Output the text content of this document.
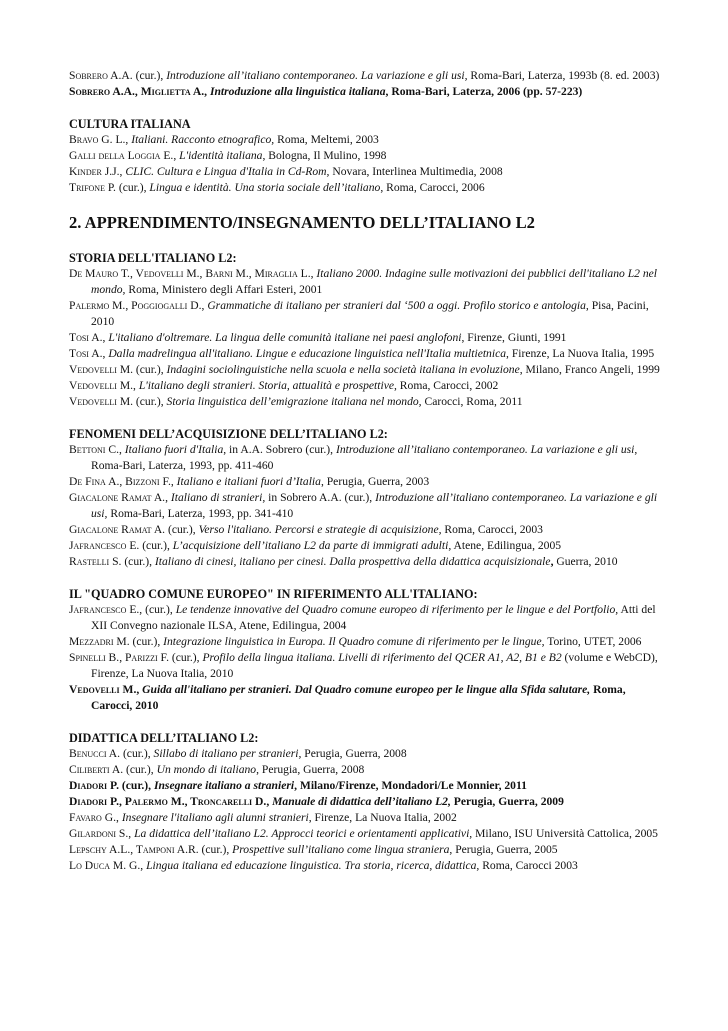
Sobrero A.A. (cur.), Introduzione all’italiano contemporaneo. La variazione e gli usi, Roma-Bari, Laterza, 1993b (8. ed. 2003)
Sobrero A.A., Miglietta A., Introduzione alla linguistica italiana, Roma-Bari, Laterza, 2006 (pp. 57-223)
CULTURA ITALIANA
Bravo G. L., Italiani. Racconto etnografico, Roma, Meltemi, 2003
Galli della Loggia E., L'identità italiana, Bologna, Il Mulino, 1998
Kinder J.J., CLIC. Cultura e Lingua d'Italia in Cd-Rom, Novara, Interlinea Multimedia, 2008
Trifone P. (cur.), Lingua e identità. Una storia sociale dell’italiano, Roma, Carocci, 2006
2. APPRENDIMENTO/INSEGNAMENTO DELL’ITALIANO L2
STORIA DELL'ITALIANO L2:
De Mauro T., Vedovelli M., Barni M., Miraglia L., Italiano 2000. Indagine sulle motivazioni dei pubblici dell'italiano L2 nel mondo, Roma, Ministero degli Affari Esteri, 2001
Palermo M., Poggiogalli D., Grammatiche di italiano per stranieri dal ‘500 a oggi. Profilo storico e antologia, Pisa, Pacini, 2010
Tosi A., L'italiano d'oltremare. La lingua delle comunità italiane nei paesi anglofoni, Firenze, Giunti, 1991
Tosi A., Dalla madrelingua all'italiano. Lingue e educazione linguistica nell'Italia multietnica, Firenze, La Nuova Italia, 1995
Vedovelli M. (cur.), Indagini sociolinguistiche nella scuola e nella società italiana in evoluzione, Milano, Franco Angeli, 1999
Vedovelli M., L'italiano degli stranieri. Storia, attualità e prospettive, Roma, Carocci, 2002
Vedovelli M. (cur.), Storia linguistica dell’emigrazione italiana nel mondo, Carocci, Roma, 2011
FENOMENI DELL’ACQUISIZIONE DELL’ITALIANO L2:
Bettoni C., Italiano fuori d'Italia, in A.A. Sobrero (cur.), Introduzione all’italiano contemporaneo. La variazione e gli usi, Roma-Bari, Laterza, 1993, pp. 411-460
De Fina A., Bizzoni F., Italiano e italiani fuori d’Italia, Perugia, Guerra, 2003
Giacalone Ramat A., Italiano di stranieri, in Sobrero A.A. (cur.), Introduzione all’italiano contemporaneo. La variazione e gli usi, Roma-Bari, Laterza, 1993, pp. 341-410
Giacalone Ramat A. (cur.), Verso l'italiano. Percorsi e strategie di acquisizione, Roma, Carocci, 2003
Jafrancesco E. (cur.), L’acquisizione dell’italiano L2 da parte di immigrati adulti, Atene, Edilingua, 2005
Rastelli S. (cur.), Italiano di cinesi, italiano per cinesi. Dalla prospettiva della didattica acquisizionale, Guerra, 2010
IL "QUADRO COMUNE EUROPEO" IN RIFERIMENTO ALL'ITALIANO:
Jafrancesco E., (cur.), Le tendenze innovative del Quadro comune europeo di riferimento per le lingue e del Portfolio, Atti del XII Convegno nazionale ILSA, Atene, Edilingua, 2004
Mezzadri M. (cur.), Integrazione linguistica in Europa. Il Quadro comune di riferimento per le lingue, Torino, UTET, 2006
Spinelli B., Parizzi F. (cur.), Profilo della lingua italiana. Livelli di riferimento del QCER A1, A2, B1 e B2 (volume e WebCD), Firenze, La Nuova Italia, 2010
Vedovelli M., Guida all'italiano per stranieri. Dal Quadro comune europeo per le lingue alla Sfida salutare, Roma, Carocci, 2010
DIDATTICA DELL’ITALIANO L2:
Benucci A. (cur.), Sillabo di italiano per stranieri, Perugia, Guerra, 2008
Ciliberti A. (cur.), Un mondo di italiano, Perugia, Guerra, 2008
Diadori P. (cur.), Insegnare italiano a stranieri, Milano/Firenze, Mondadori/Le Monnier, 2011
Diadori P., Palermo M., Troncarelli D., Manuale di didattica dell’italiano L2, Perugia, Guerra, 2009
Favaro G., Insegnare l'italiano agli alunni stranieri, Firenze, La Nuova Italia, 2002
Gilardoni S., La didattica dell’italiano L2. Approcci teorici e orientamenti applicativi, Milano, ISU Università Cattolica, 2005
Lepschy A.L., Tamponi A.R. (cur.), Prospettive sull’italiano come lingua straniera, Perugia, Guerra, 2005
Lo Duca M. G., Lingua italiana ed educazione linguistica. Tra storia, ricerca, didattica, Roma, Carocci 2003
